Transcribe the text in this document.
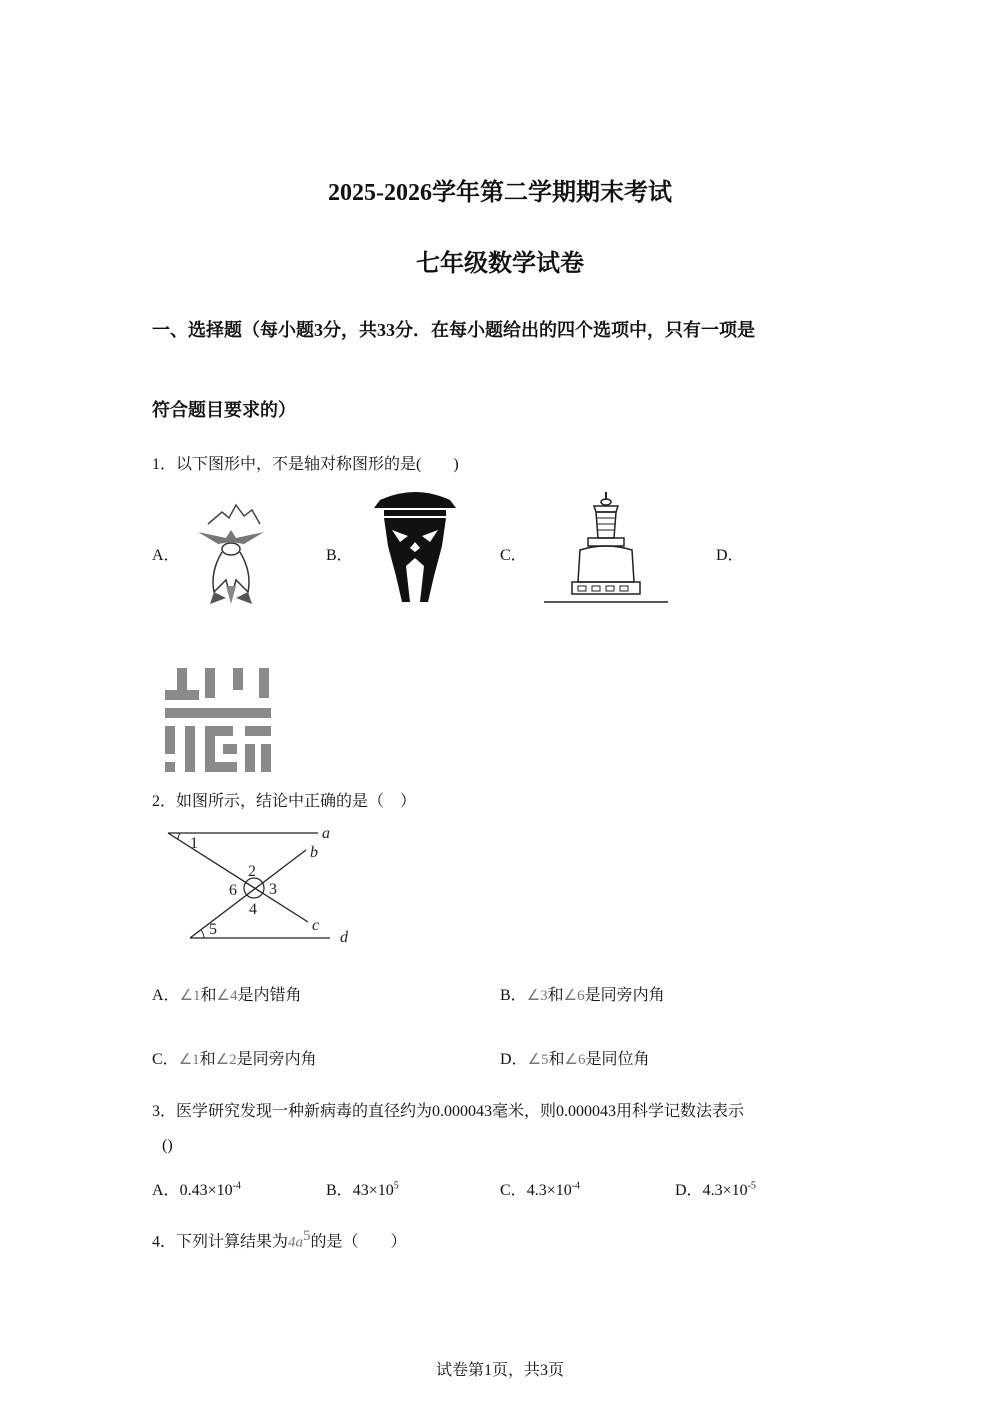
2025-2026学年第二学期期末考试
七年级数学试卷
一、选择题（每小题3分，共33分．在每小题给出的四个选项中，只有一项是
符合题目要求的）
1．以下图形中，不是轴对称图形的是(　　)
A．	B．	C．	D．
2．如图所示，结论中正确的是（　）
a
b
c
d
1
2
3
4
5
6
A．∠1和∠4是内错角	B．∠3和∠6是同旁内角
C．∠1和∠2是同旁内角	D．∠5和∠6是同位角
3．医学研究发现一种新病毒的直径约为0.000043毫米，则0.000043用科学记数法表示
()
A．$0.43\times 10^{-4}$	B．$43\times 10^5$	C．$4.3\times 10^{-4}$	D．$4.3\times 10^{-5}$
4．下列计算结果为$4a^5$的是（　　）
试卷第1页，共3页
